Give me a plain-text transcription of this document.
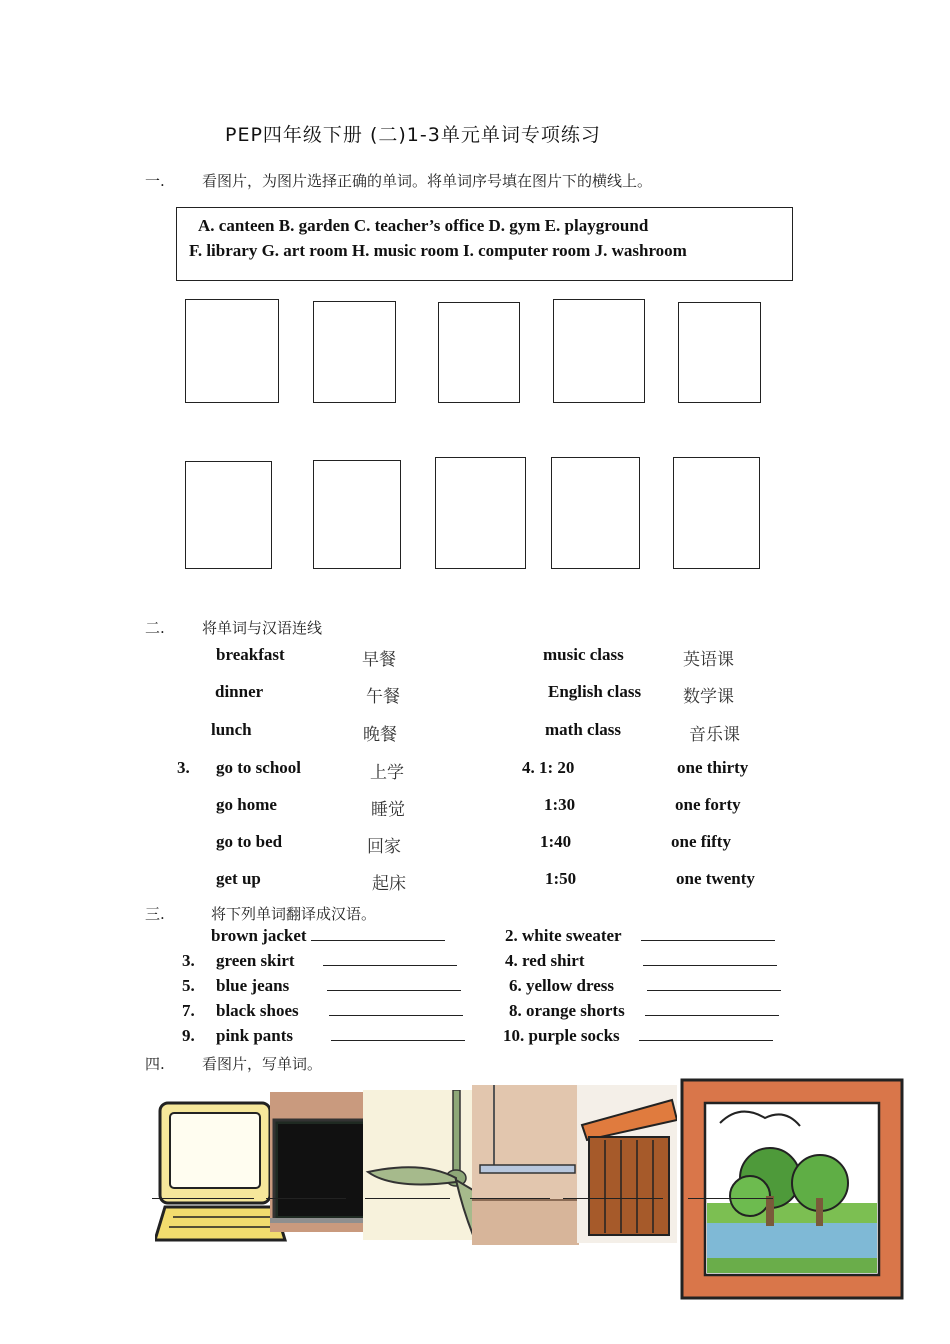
PEP四年级下册 (二)1-3单元单词专项练习
一. 看图片，为图片选择正确的单词。将单词序号填在图片下的横线上。
A. canteen B. garden C. teacher’s office D. gym E. playground
F. library G. art room H. music room I. computer room J. washroom
二. 将单词与汉语连线
breakfast
dinner
lunch
早餐
午餐
晚餐
music class
English class
math class
英语课
数学课
音乐课
3. go to school
go home
go to bed
get up
上学
睡觉
回家
起床
4. 1: 20
1:30
1:40
1:50
one thirty
one forty
one fifty
one twenty
三.	将下列单词翻译成汉语。
brown jacket
3. green skirt
5. blue jeans
7. black shoes
9. pink pants
2. white sweater
4. red shirt
6. yellow dress
8. orange shorts
10. purple socks
四. 看图片，写单词。
